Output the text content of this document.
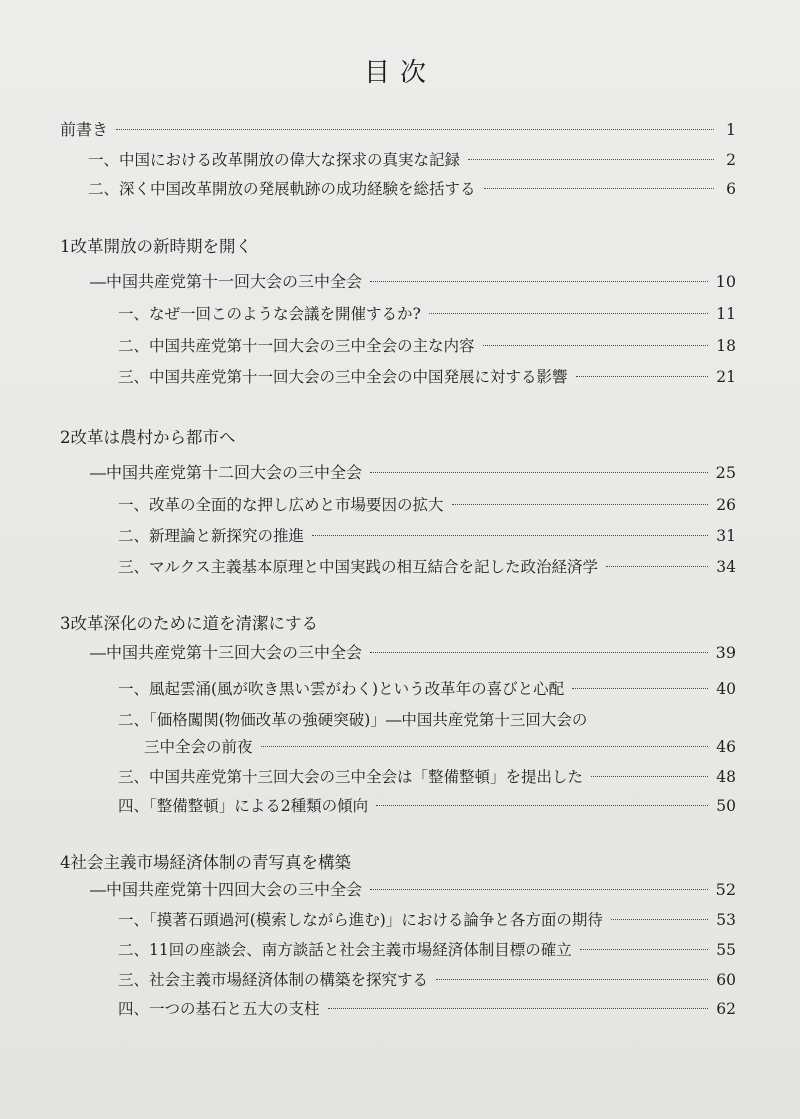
目次
前書き	1
一、中国における改革開放の偉大な探求の真実な記録	2
二、深く中国改革開放の発展軌跡の成功経験を総括する	6
1改革開放の新時期を開く
―中国共産党第十一回大会の三中全会	10
一、なぜ一回このような会議を開催するか?	11
二、中国共産党第十一回大会の三中全会の主な内容	18
三、中国共産党第十一回大会の三中全会の中国発展に対する影響	21
2改革は農村から都市へ
―中国共産党第十二回大会の三中全会	25
一、改革の全面的な押し広めと市場要因の拡大	26
二、新理論と新探究の推進	31
三、マルクス主義基本原理と中国実践の相互結合を記した政治経済学	34
3改革深化のために道を清潔にする
―中国共産党第十三回大会の三中全会	39
一、風起雲涌(風が吹き黒い雲がわく)という改革年の喜びと心配	40
二、「価格闖関(物価改革の強硬突破)」―中国共産党第十三回大会の
三中全会の前夜	46
三、中国共産党第十三回大会の三中全会は「整備整頓」を提出した	48
四、「整備整頓」による2種類の傾向	50
4社会主義市場経済体制の青写真を構築
―中国共産党第十四回大会の三中全会	52
一、「摸著石頭過河(模索しながら進む)」における論争と各方面の期待	53
二、11回の座談会、南方談話と社会主義市場経済体制目標の確立	55
三、社会主義市場経済体制の構築を探究する	60
四、一つの基石と五大の支柱	62
